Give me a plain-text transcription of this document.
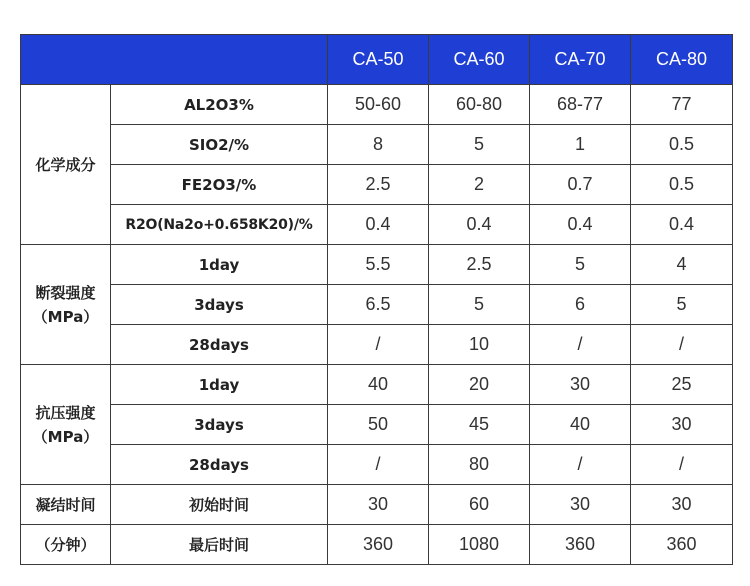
		CA-50	CA-60	CA-70	CA-80
化学成分	AL2O3%	50-60	60-80	68-77	77
	SIO2/%	8	5	1	0.5
	FE2O3/%	2.5	2	0.7	0.5
	R2O(Na2o+0.658K20)/%	0.4	0.4	0.4	0.4
断裂强度
（MPa）	1day	5.5	2.5	5	4
	3days	6.5	5	6	5
	28days	/	10	/	/
抗压强度
（MPa）	1day	40	20	30	25
	3days	50	45	40	30
	28days	/	80	/	/
凝结时间	初始时间	30	60	30	30
（分钟）	最后时间	360	1080	360	360
